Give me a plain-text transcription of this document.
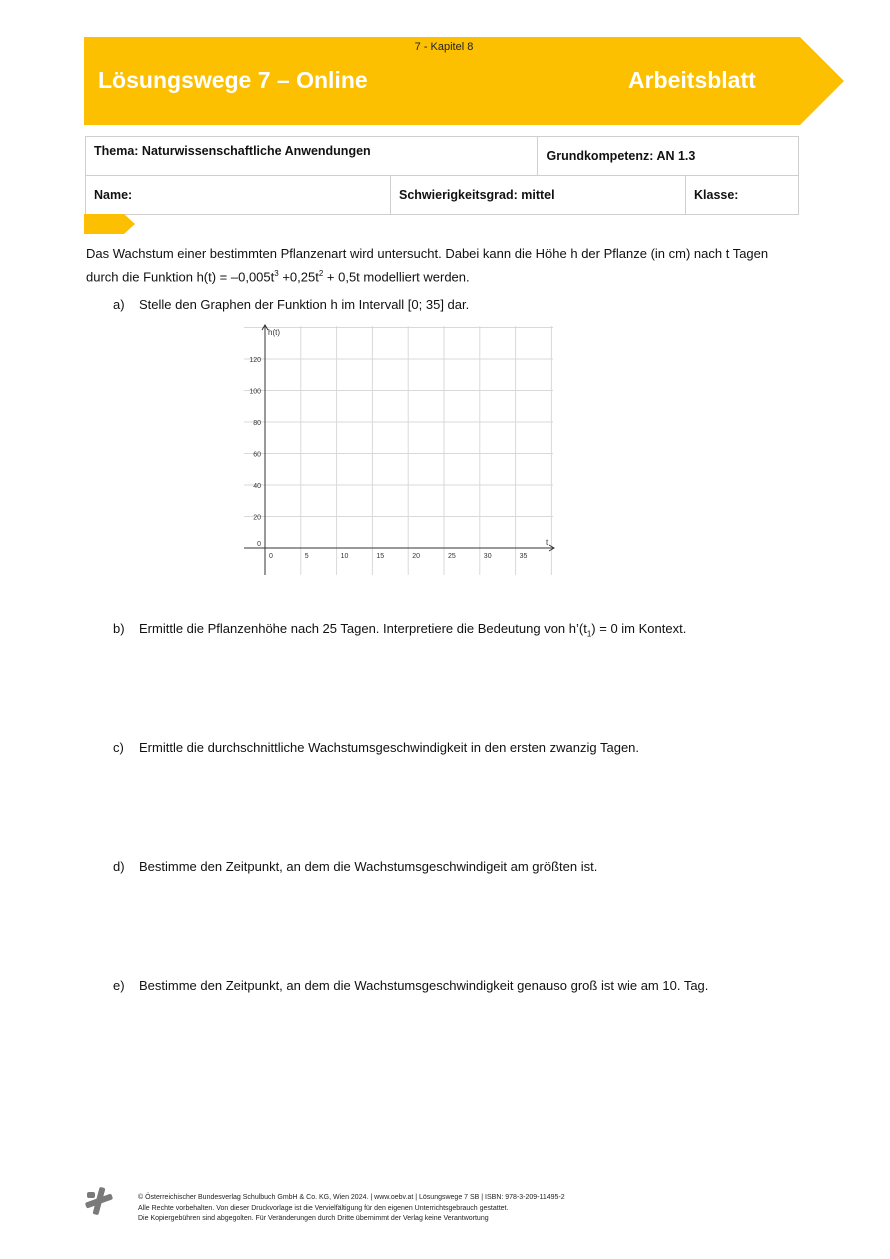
7 - Kapitel 8
Lösungswege 7 – Online	Arbeitsblatt
Thema: Naturwissenschaftliche Anwendungen		Grundkompetenz: AN 1.3	
Name:	Schwierigkeitsgrad: mittel		Klasse:
Das Wachstum einer bestimmten Pflanzenart wird untersucht. Dabei kann die Höhe h der Pflanze (in cm) nach t Tagen
durch die Funktion $h(t) = -0,005t^3 +0,25t^2 + 0,5t$ modelliert werden.
a) Stelle den Graphen der Funktion h im Intervall [0; 35] dar.
0	5	10	15	20	25	30	35
0
20
40
60
80
100
120
h(t)
t
b) Ermittle die Pflanzenhöhe nach 25 Tagen. Interpretiere die Bedeutung von $h’(t_1) = 0$ im Kontext.
c) Ermittle die durchschnittliche Wachstumsgeschwindigkeit in den ersten zwanzig Tagen.
d) Bestimme den Zeitpunkt, an dem die Wachstumsgeschwindigeit am größten ist.
e) Bestimme den Zeitpunkt, an dem die Wachstumsgeschwindigkeit genauso groß ist wie am 10. Tag.
© Österreichischer Bundesverlag Schulbuch GmbH & Co. KG, Wien 2024. | www.oebv.at | Lösungswege 7 SB | ISBN: 978-3-209-11495-2
Alle Rechte vorbehalten. Von dieser Druckvorlage ist die Vervielfältigung für den eigenen Unterrichtsgebrauch gestattet.
Die Kopiergebühren sind abgegolten. Für Veränderungen durch Dritte übernimmt der Verlag keine Verantwortung
